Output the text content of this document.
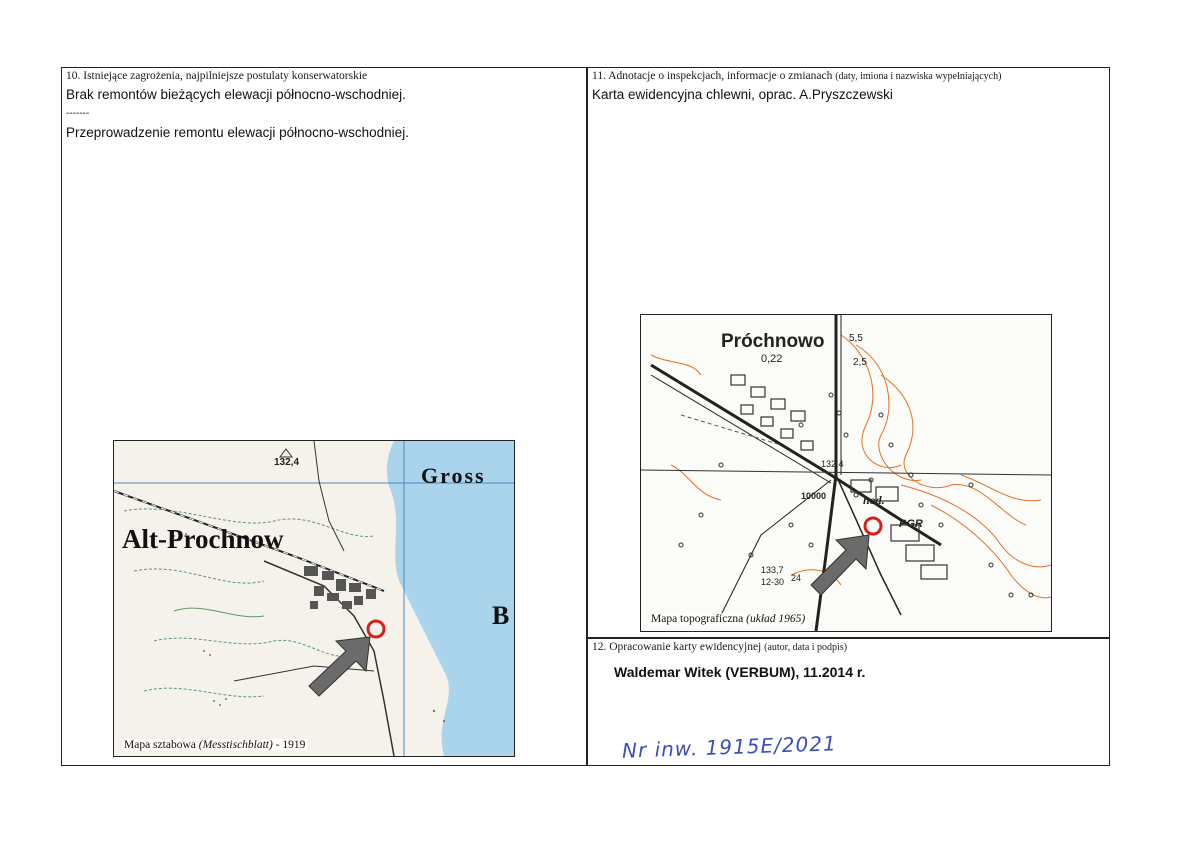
10. Istniejące zagrożenia, najpilniejsze postulaty konserwatorskie
Brak remontów bieżących elewacji północno-wschodniej.
-------
Przeprowadzenie remontu elewacji północno-wschodniej.
11. Adnotacje o inspekcjach, informacje o zmianach (daty, imiona i nazwiska wypełniających)
Karta ewidencyjna chlewni, oprac. A.Pryszczewski
12. Opracowanie karty ewidencyjnej (autor, data i podpis)
Waldemar Witek (VERBUM), 11.2014 r.
132,4
Alt-Prochnow
Gross
B
Mapa sztabowa (Messtischblatt) - 1919
Próchnowo
0,22
5,5
2,5
132,4
10000	hod.
PGR
133,7
12-30 24
Mapa topograficzna (układ 1965)
Nr inw. 1915E/2021
